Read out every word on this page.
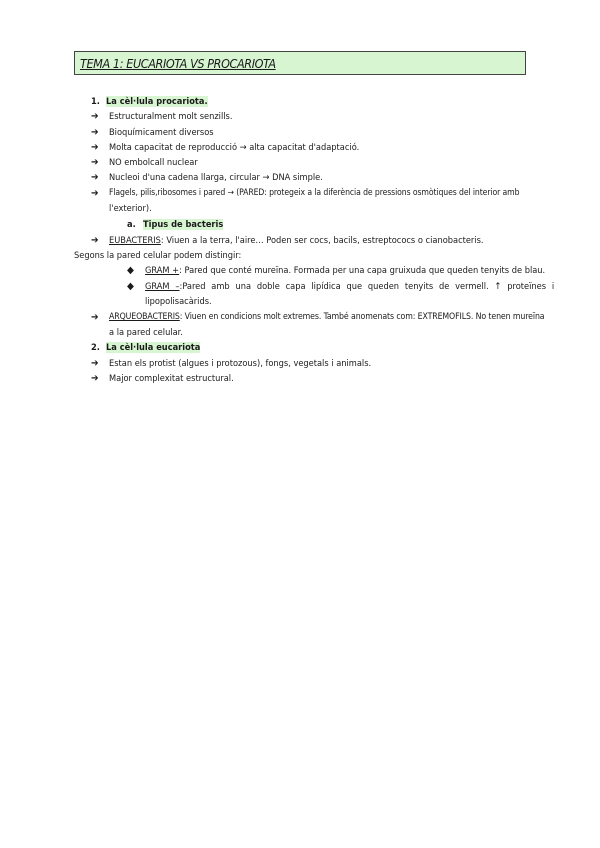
TEMA 1: EUCARIOTA VS PROCARIOTA
1. La cèl·lula procariota.
➔ Estructuralment molt senzills.
➔ Bioquímicament diversos
➔ Molta capacitat de reproducció → alta capacitat d'adaptació.
➔ NO embolcall nuclear
➔ Nucleoi d'una cadena llarga, circular → DNA simple.
➔ Flagels, pilis,ribosomes i pared → (PARED: protegeix a la diferència de pressions osmòtiques del interior amb
l'exterior).
a. Tipus de bacteris
➔ EUBACTERIS: Viuen a la terra, l'aire… Poden ser cocs, bacils, estreptococs o cianobacteris.
Segons la pared celular podem distingir:
◆ GRAM +: Pared que conté mureïna. Formada per una capa gruixuda que queden tenyits de blau.
◆ GRAM –:Pared amb una doble capa lipídica que queden tenyits de vermell. ↑ proteïnes i
lipopolisacàrids.
➔ ARQUEOBACTERIS: Viuen en condicions molt extremes. També anomenats com: EXTREMOFILS. No tenen mureïna
a la pared celular.
2. La cèl·lula eucariota
➔ Estan els protist (algues i protozous), fongs, vegetals i animals.
➔ Major complexitat estructural.
